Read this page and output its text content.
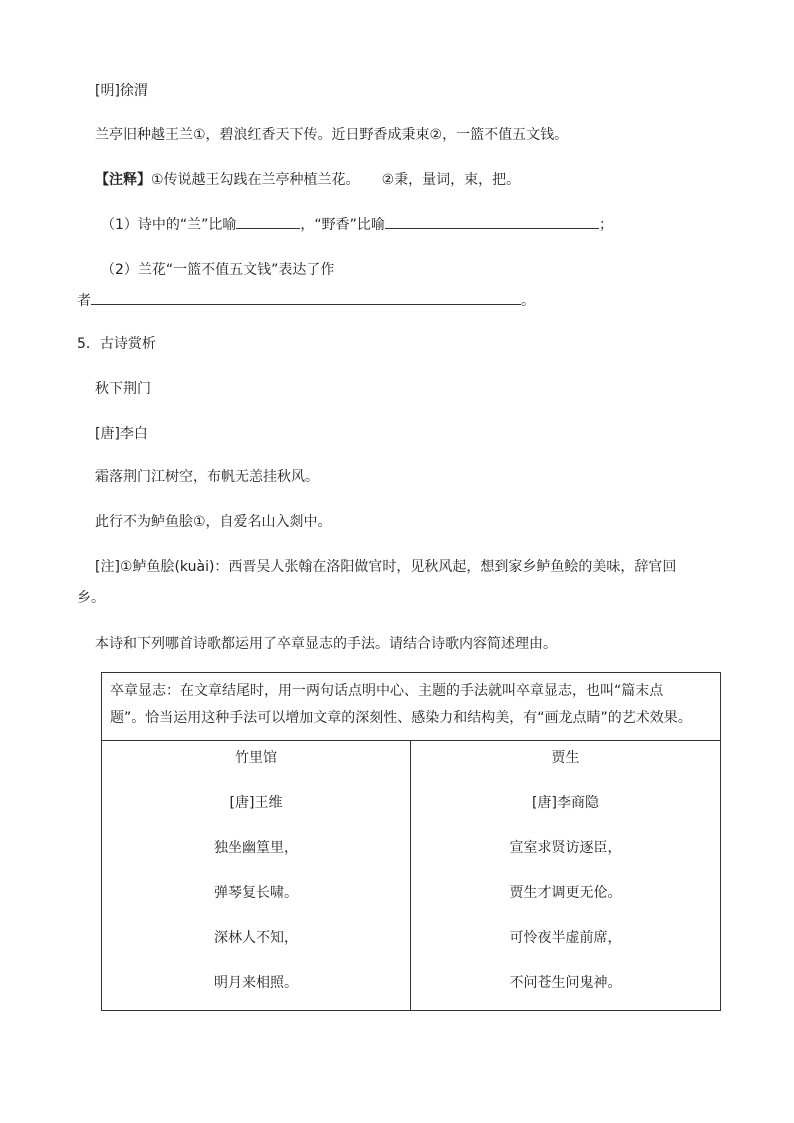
[明]徐渭
兰亭旧种越王兰①，碧浪红香天下传。近日野香成秉束②，一篮不值五文钱。
【注释】①传说越王勾践在兰亭种植兰花。 ②秉，量词，束，把。
（1）诗中的“兰”比喻	，“野香”比喻	；
（2）兰花“一篮不值五文钱”表达了作
者	。
5．古诗赏析
秋下荆门
[唐]李白
霜落荆门江树空，布帆无恙挂秋风。
此行不为鲈鱼脍①，自爱名山入剡中。
[注]①鲈鱼脍(kuài)：西晋吴人张翰在洛阳做官时，见秋风起，想到家乡鲈鱼鲙的美味，辞官回
乡。
本诗和下列哪首诗歌都运用了卒章显志的手法。请结合诗歌内容简述理由。
卒章显志：在文章结尾时，用一两句话点明中心、主题的手法就叫卒章显志，也叫“篇末点
题”。恰当运用这种手法可以增加文章的深刻性、感染力和结构美，有“画龙点睛”的艺术效果。

竹里馆
[唐]王维
独坐幽篁里，
弹琴复长啸。
深林人不知，
明月来相照。

贾生
[唐]李商隐
宣室求贤访逐臣，
贾生才调更无伦。
可怜夜半虚前席，
不问苍生问鬼神。
